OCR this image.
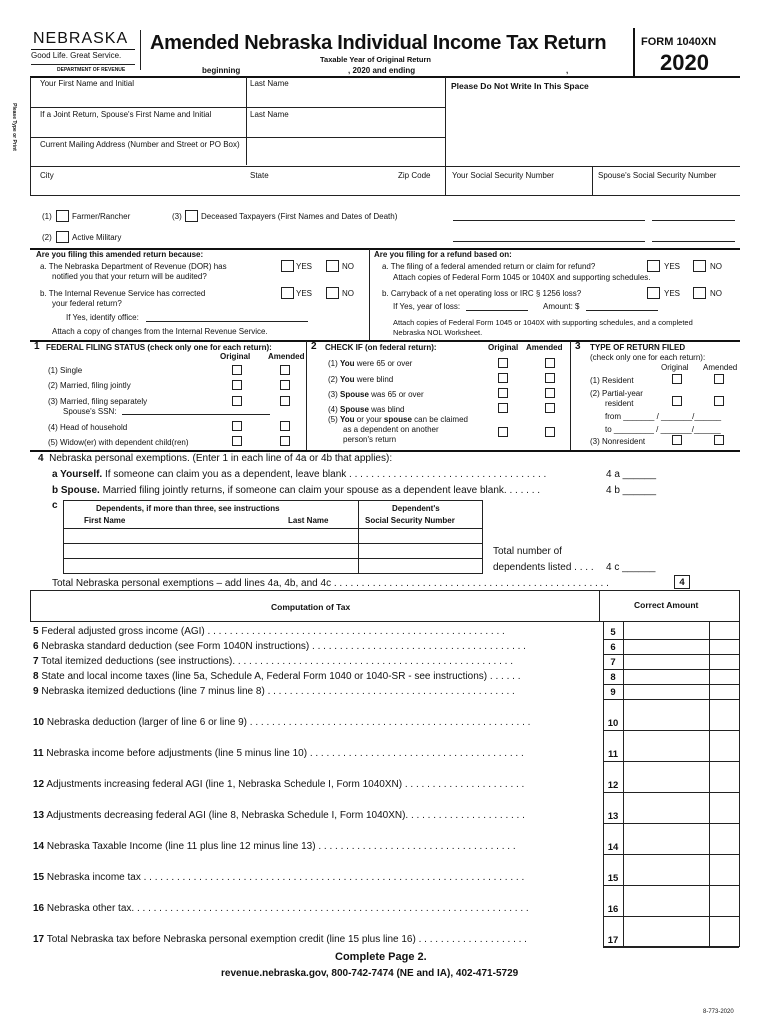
NEBRASKA
Good Life. Great Service.
DEPARTMENT OF REVENUE
Amended Nebraska Individual Income Tax Return	FORM 1040XN
2020
Taxable Year of Original Return
beginning	, 2020 and ending	,
Please Type or Print
Your First Name and Initial	Last Name	Please Do Not Write In This Space
If a Joint Return, Spouse's First Name and Initial	Last Name
Current Mailing Address (Number and Street or PO Box)
City	State	Zip Code	Your Social Security Number	Spouse's Social Security Number
(1)	Farmer/Rancher	(3) Deceased Taxpayers (First Names and Dates of Death)
(2)	Active Military
Are you filing this amended return because:
a. The Nebraska Department of Revenue (DOR) has
notified you that your return will be audited?
YES	NO
b. The Internal Revenue Service has corrected
your federal return?
YES	NO
If Yes, identify office:
Attach a copy of changes from the Internal Revenue Service.
Are you filing for a refund based on:
a. The filing of a federal amended return or claim for refund?
Attach copies of Federal Form 1045 or 1040X and supporting schedules.
YES	NO
b. Carryback of a net operating loss or IRC § 1256 loss?	YES	NO
If Yes, year of loss:	Amount: $
Attach copies of Federal Form 1045 or 1040X with supporting schedules, and a completed
Nebraska NOL Worksheet.
1 FEDERAL FILING STATUS (check only one for each return):
Original Amended
(1) Single
(2) Married, filing jointly
(3) Married, filing separately
Spouse's SSN:
(4) Head of household
(5) Widow(er) with dependent child(ren)
2 CHECK IF (on federal return):	Original Amended
(1) You were 65 or over
(2) You were blind
(3) Spouse was 65 or over
(4) Spouse was blind
(5) You or your spouse can be claimed
as a dependent on another
person's return
3 TYPE OF RETURN FILED
(check only one for each return):
Original Amended
(1) Resident
(2) Partial-year
resident
from _______ / _______/______
to _________ / _______/______
(3) Nonresident
4 Nebraska personal exemptions. (Enter 1 in each line of 4a or 4b that applies):
a Yourself. If someone can claim you as a dependent, leave blank . . . . . . . . . . . . . . . . . . . . . . . . . . . . . . . . . . . .	4 a ______
b Spouse. Married filing jointly returns, if someone can claim your spouse as a dependent leave blank. . . . . . .	4 b ______
c	Dependents, if more than three, see instructions
First Name	Last Name
Dependent's
Social Security Number
Total number of
dependents listed . . . . 4 c ______
Total Nebraska personal exemptions – add lines 4a, 4b, and 4c . . . . . . . . . . . . . . . . . . . . . . . . . . . . . . . . . . . . . . . . . . . . . . . . . .	4
Computation of Tax	Correct Amount
5 Federal adjusted gross income (AGI) . . . . . . . . . . . . . . . . . . . . . . . . . . . . . . . . . . . . . . . . . . . . . . . . . . . . . .	5
6 Nebraska standard deduction (see Form 1040N instructions) . . . . . . . . . . . . . . . . . . . . . . . . . . . . . . . . . . . . . . .	6
7 Total itemized deductions (see instructions). . . . . . . . . . . . . . . . . . . . . . . . . . . . . . . . . . . . . . . . . . . . . . . . . . .	7
8 State and local income taxes (line 5a, Schedule A, Federal Form 1040 or 1040-SR - see instructions) . . . . . .	8
9 Nebraska itemized deductions (line 7 minus line 8) . . . . . . . . . . . . . . . . . . . . . . . . . . . . . . . . . . . . . . . . . . . . .	9
10 Nebraska deduction (larger of line 6 or line 9) . . . . . . . . . . . . . . . . . . . . . . . . . . . . . . . . . . . . . . . . . . . . . . . . . . .	10
11 Nebraska income before adjustments (line 5 minus line 10) . . . . . . . . . . . . . . . . . . . . . . . . . . . . . . . . . . . . . . .	11
12 Adjustments increasing federal AGI (line 1, Nebraska Schedule I, Form 1040XN) . . . . . . . . . . . . . . . . . . . . . .	12
13 Adjustments decreasing federal AGI (line 8, Nebraska Schedule I, Form 1040XN). . . . . . . . . . . . . . . . . . . . . .	13
14 Nebraska Taxable Income (line 11 plus line 12 minus line 13) . . . . . . . . . . . . . . . . . . . . . . . . . . . . . . . . . . . .	14
15 Nebraska income tax . . . . . . . . . . . . . . . . . . . . . . . . . . . . . . . . . . . . . . . . . . . . . . . . . . . . . . . . . . . . . . . . . . . . .	15
16 Nebraska other tax. . . . . . . . . . . . . . . . . . . . . . . . . . . . . . . . . . . . . . . . . . . . . . . . . . . . . . . . . . . . . . . . . . . . . . . .	16
17 Total Nebraska tax before Nebraska personal exemption credit (line 15 plus line 16) . . . . . . . . . . . . . . . . . . . .	17
Complete Page 2.
revenue.nebraska.gov, 800-742-7474 (NE and IA), 402-471-5729
8-773-2020
